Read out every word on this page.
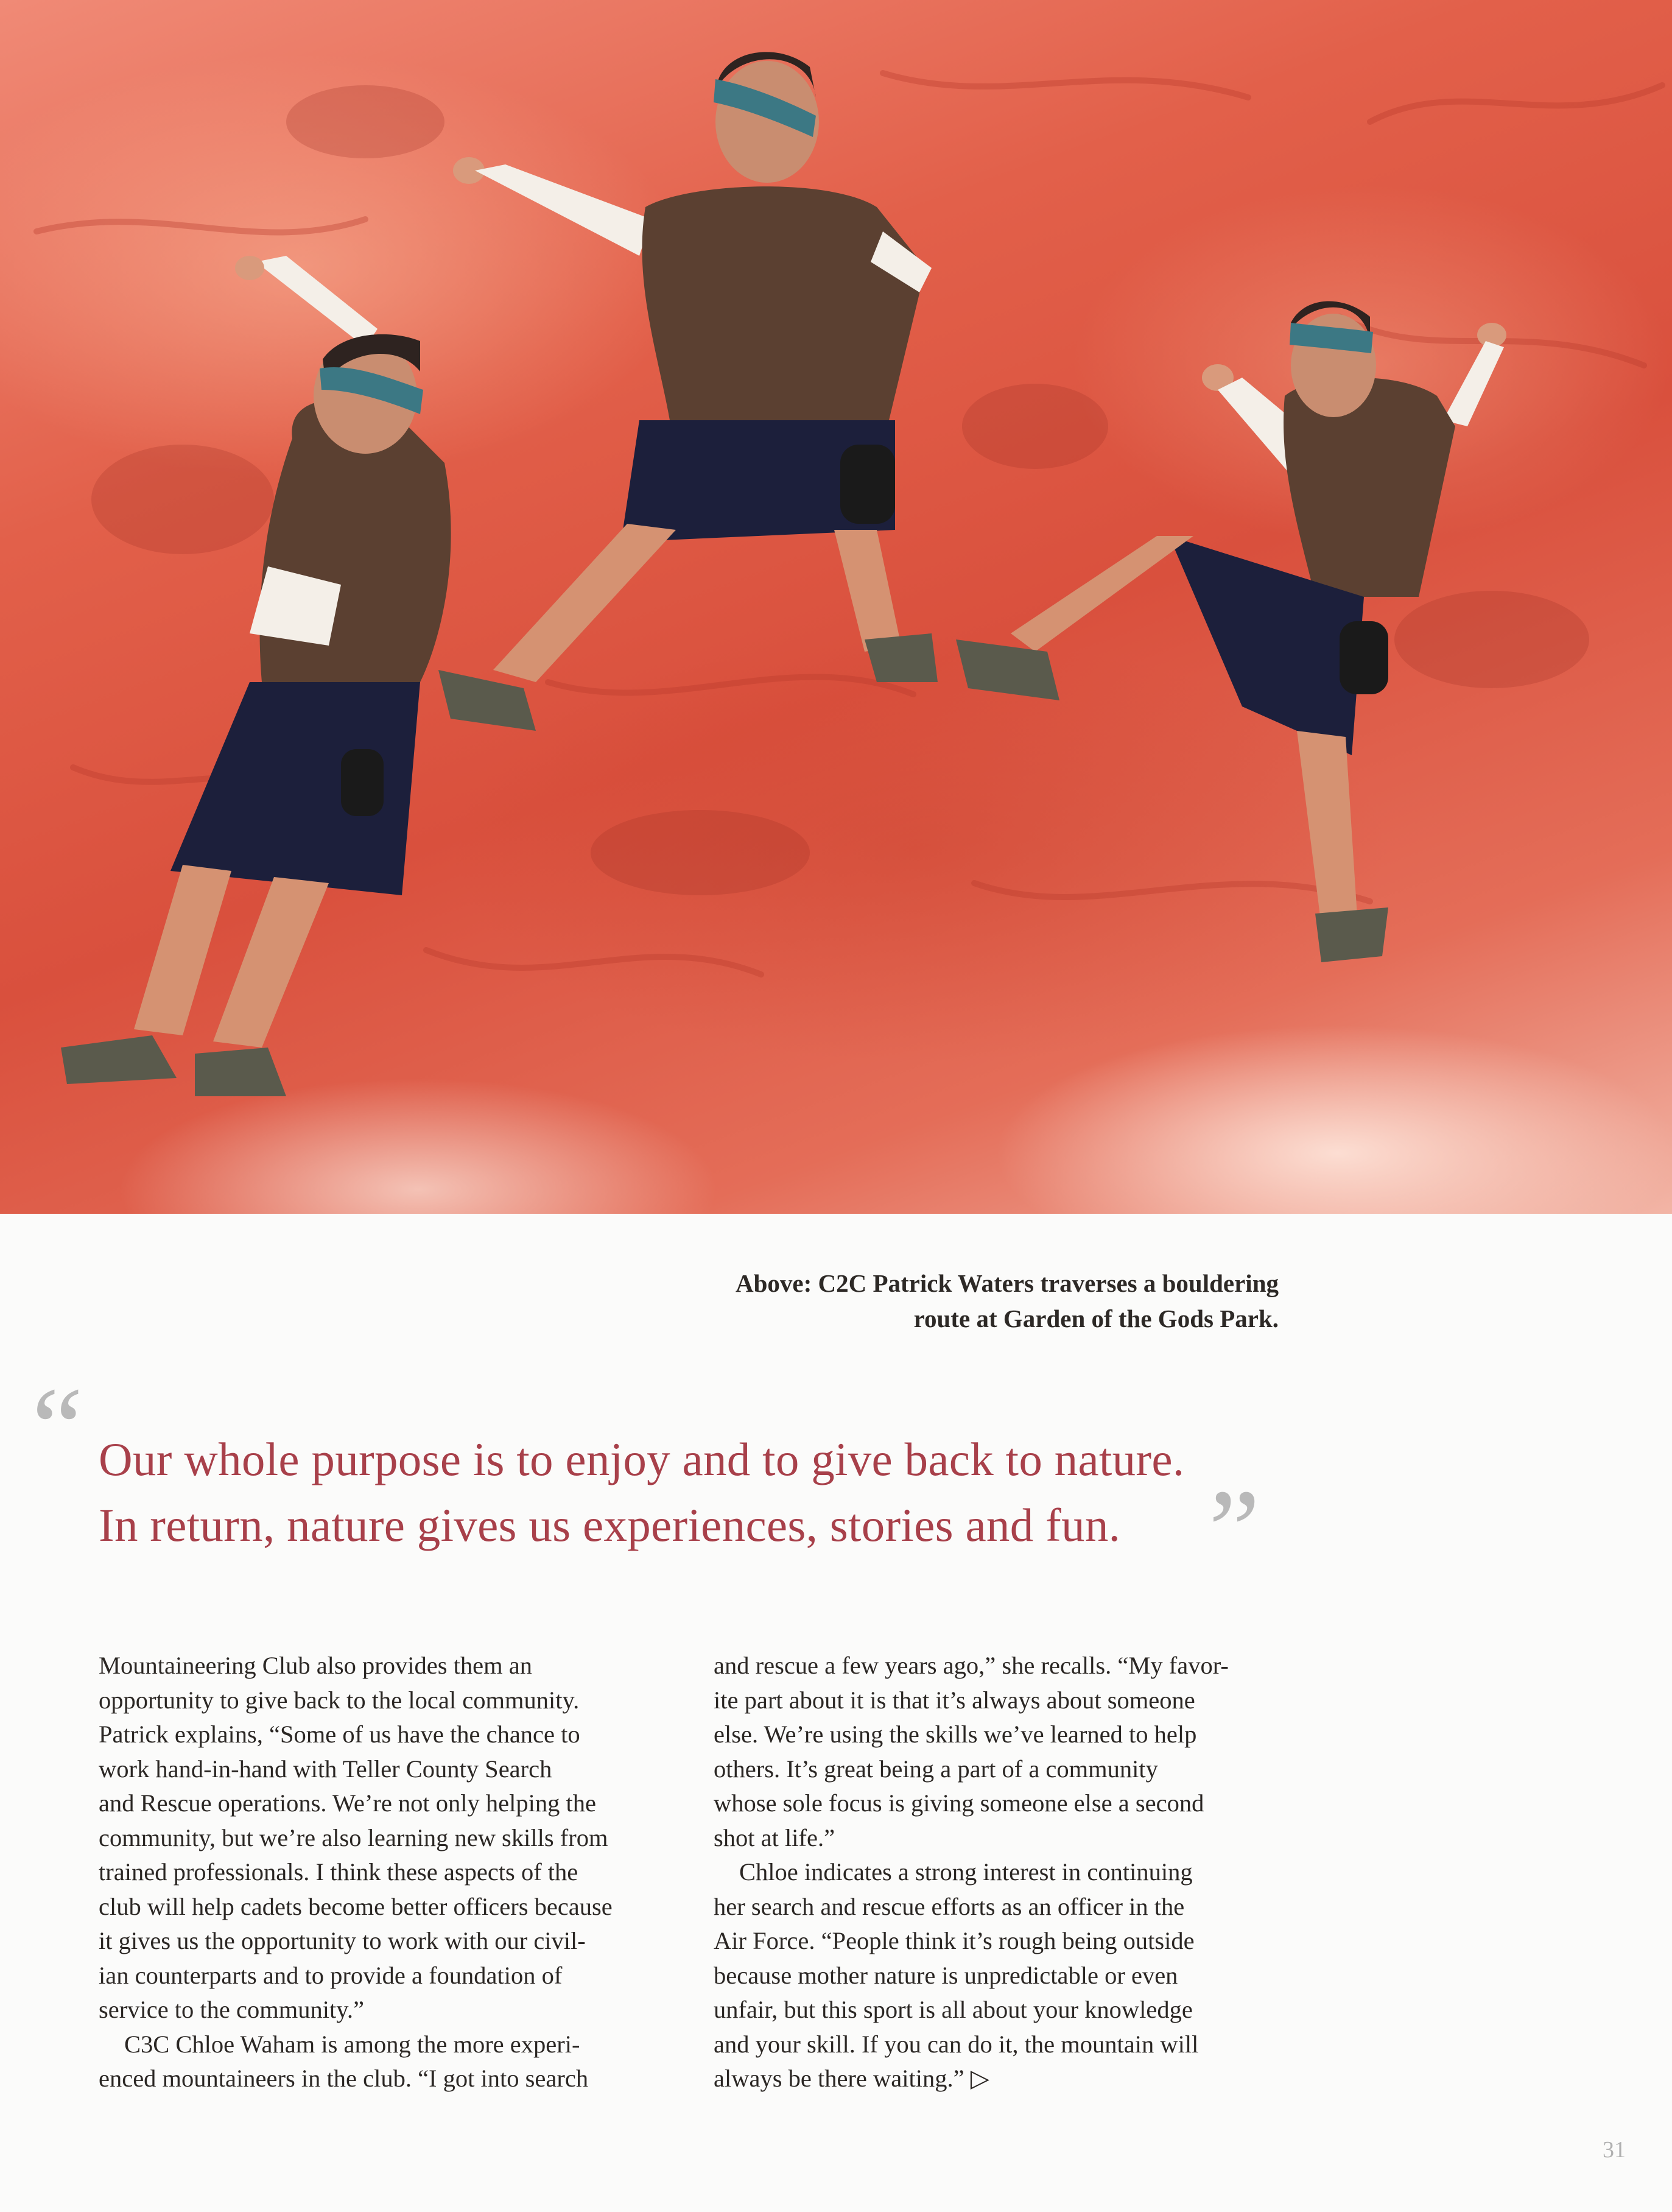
Above: C2C Patrick Waters traverses a bouldering
route at Garden of the Gods Park.
“ Our whole purpose is to enjoy and to give back to nature.
In return, nature gives us experiences, stories and fun. ”

Mountaineering Club also provides them an
opportunity to give back to the local community.
Patrick explains, “Some of us have the chance to
work hand-in-hand with Teller County Search
and Rescue operations. We’re not only helping the
community, but we’re also learning new skills from
trained professionals. I think these aspects of the
club will help cadets become better officers because
it gives us the opportunity to work with our civil-
ian counterparts and to provide a foundation of
service to the community.”

C3C Chloe Waham is among the more experi-
enced mountaineers in the club. “I got into search

and rescue a few years ago,” she recalls. “My favor-
ite part about it is that it’s always about someone
else. We’re using the skills we’ve learned to help
others. It’s great being a part of a community
whose sole focus is giving someone else a second
shot at life.”

Chloe indicates a strong interest in continuing
her search and rescue efforts as an officer in the
Air Force. “People think it’s rough being outside
because mother nature is unpredictable or even
unfair, but this sport is all about your knowledge
and your skill. If you can do it, the mountain will
always be there waiting.” ▷

31
